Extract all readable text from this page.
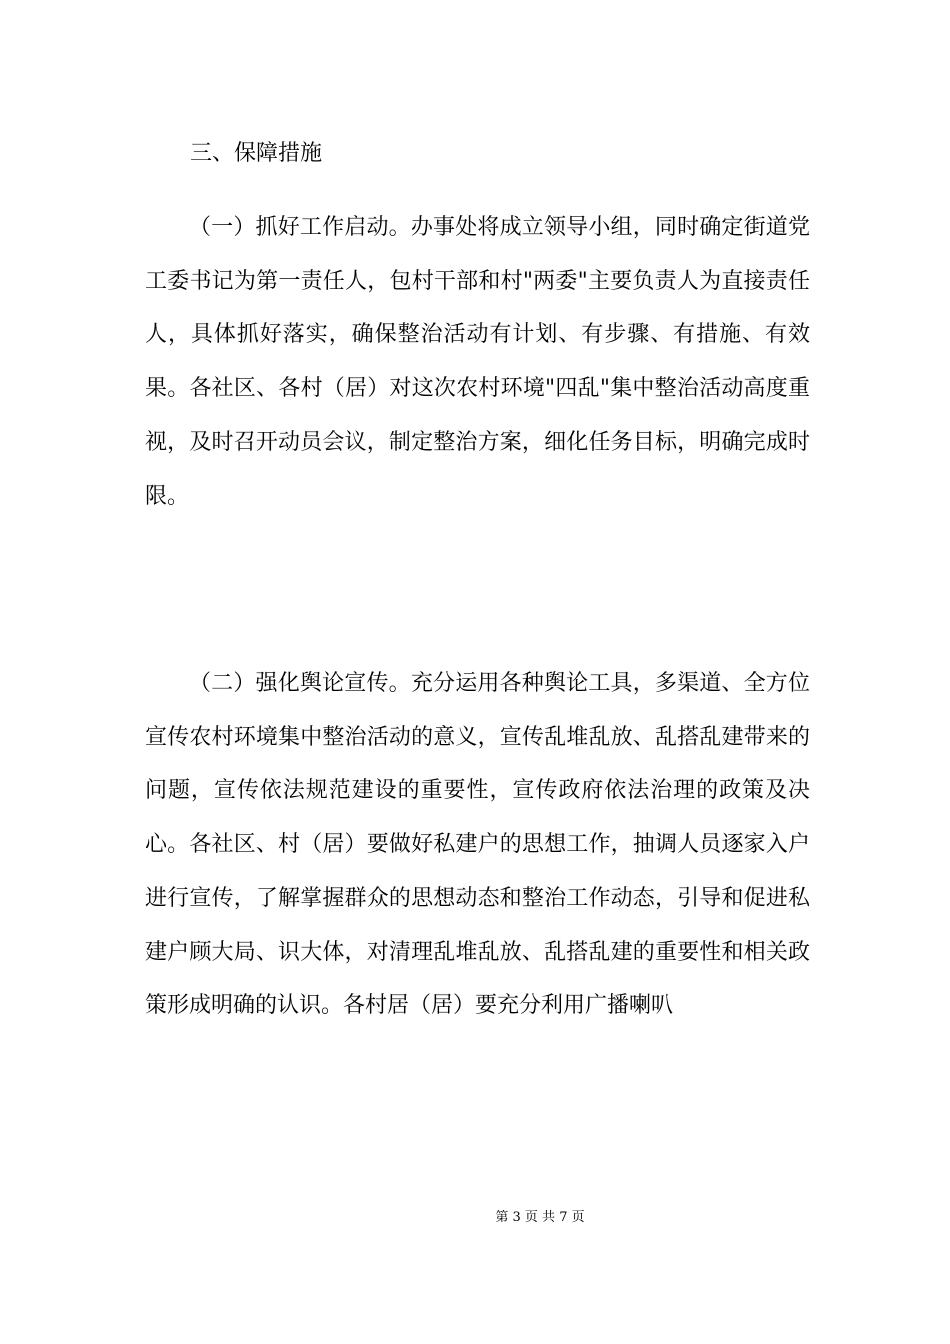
三、保障措施

（一）抓好工作启动。办事处将成立领导小组，同时确定街道党工委书记为第一责任人，包村干部和村"两委"主要负责人为直接责任人，具体抓好落实，确保整治活动有计划、有步骤、有措施、有效果。各社区、各村（居）对这次农村环境"四乱"集中整治活动高度重视，及时召开动员会议，制定整治方案，细化任务目标，明确完成时限。

（二）强化舆论宣传。充分运用各种舆论工具，多渠道、全方位宣传农村环境集中整治活动的意义，宣传乱堆乱放、乱搭乱建带来的问题，宣传依法规范建设的重要性，宣传政府依法治理的政策及决心。各社区、村（居）要做好私建户的思想工作，抽调人员逐家入户进行宣传，了解掌握群众的思想动态和整治工作动态，引导和促进私建户顾大局、识大体，对清理乱堆乱放、乱搭乱建的重要性和相关政策形成明确的认识。各村居（居）要充分利用广播喇叭

第 3 页 共 7 页
